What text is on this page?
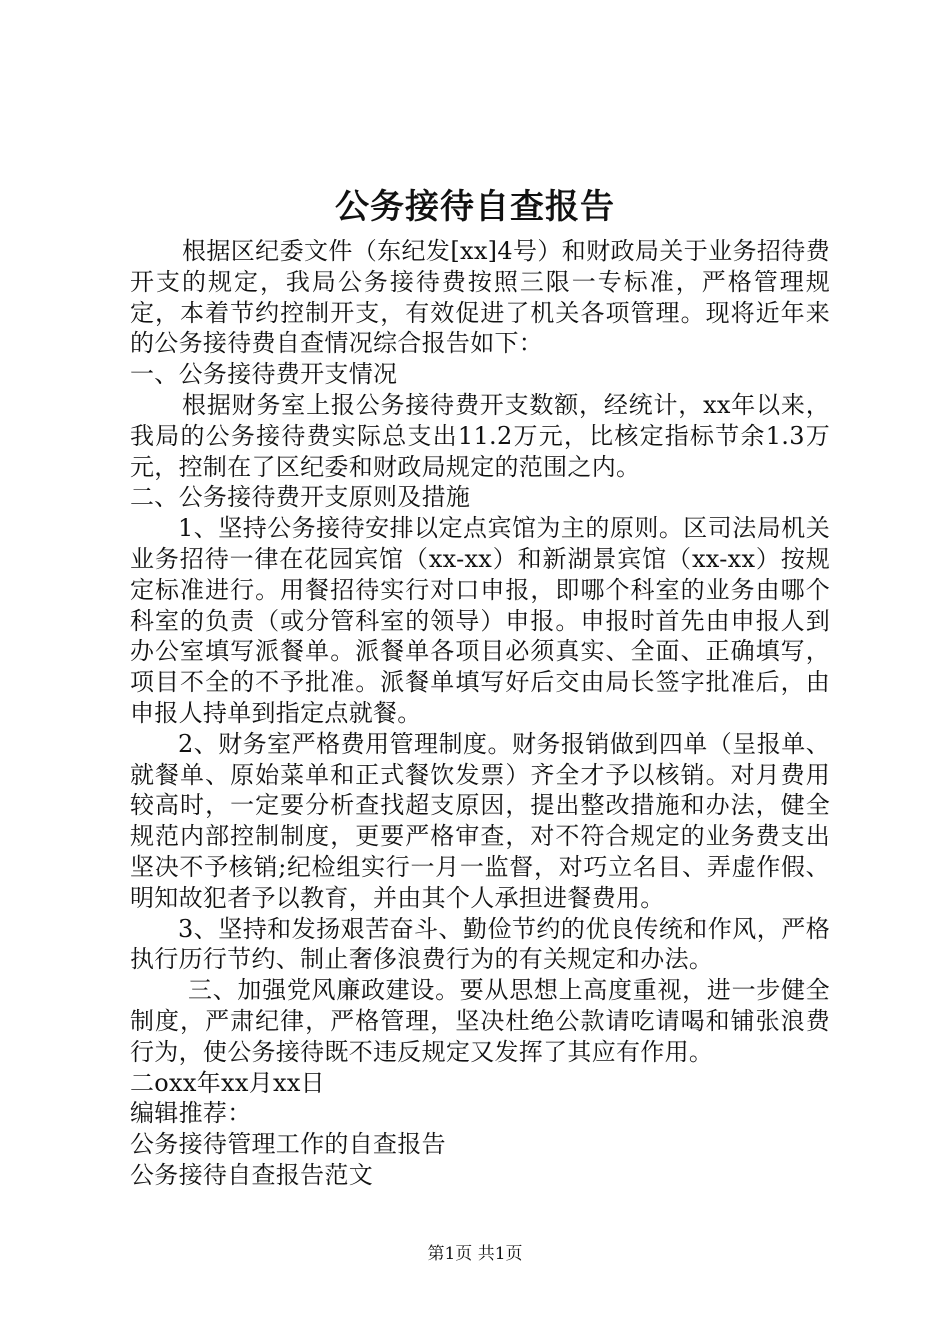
公务接待自查报告

根据区纪委文件（东纪发[xx]4号）和财政局关于业务招待费开支的规定，我局公务接待费按照三限一专标准，严格管理规定，本着节约控制开支，有效促进了机关各项管理。现将近年来的公务接待费自查情况综合报告如下：

一、公务接待费开支情况

根据财务室上报公务接待费开支数额，经统计，xx年以来，我局的公务接待费实际总支出11.2万元，比核定指标节余1.3万元，控制在了区纪委和财政局规定的范围之内。

二、公务接待费开支原则及措施

1、坚持公务接待安排以定点宾馆为主的原则。区司法局机关业务招待一律在花园宾馆（xx-xx）和新湖景宾馆（xx-xx）按规定标准进行。用餐招待实行对口申报，即哪个科室的业务由哪个科室的负责（或分管科室的领导）申报。申报时首先由申报人到办公室填写派餐单。派餐单各项目必须真实、全面、正确填写，项目不全的不予批准。派餐单填写好后交由局长签字批准后，由申报人持单到指定点就餐。

2、财务室严格费用管理制度。财务报销做到四单（呈报单、就餐单、原始菜单和正式餐饮发票）齐全才予以核销。对月费用较高时，一定要分析查找超支原因，提出整改措施和办法，健全规范内部控制制度，更要严格审查，对不符合规定的业务费支出坚决不予核销;纪检组实行一月一监督，对巧立名目、弄虚作假、明知故犯者予以教育，并由其个人承担进餐费用。

3、坚持和发扬艰苦奋斗、勤俭节约的优良传统和作风，严格执行历行节约、制止奢侈浪费行为的有关规定和办法。

三、加强党风廉政建设。要从思想上高度重视，进一步健全制度，严肃纪律，严格管理，坚决杜绝公款请吃请喝和铺张浪费行为，使公务接待既不违反规定又发挥了其应有作用。

二oxx年xx月xx日

编辑推荐：

公务接待管理工作的自查报告

公务接待自查报告范文

第1页 共1页
